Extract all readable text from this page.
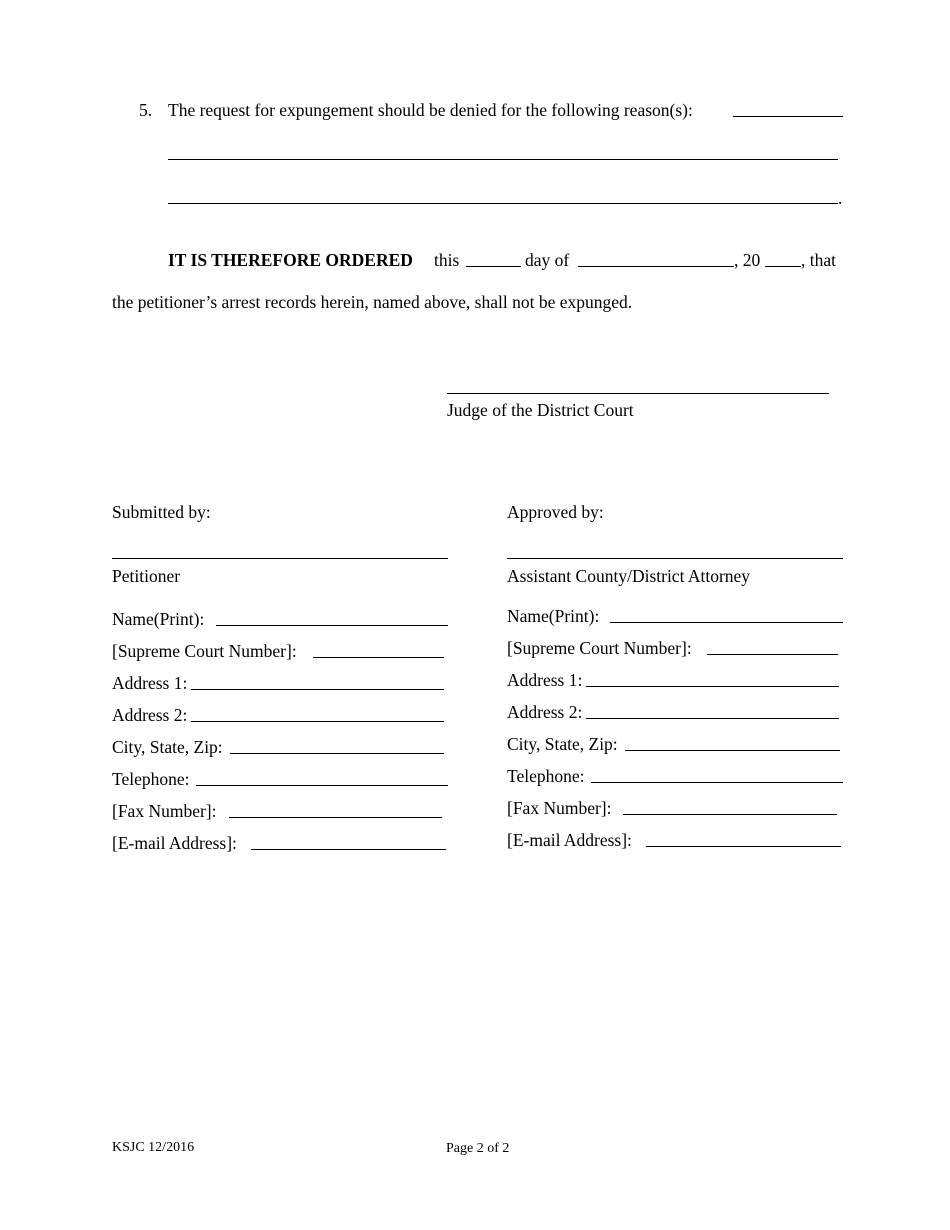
5. The request for expungement should be denied for the following reason(s):
.
IT IS THEREFORE ORDERED this	day of	, 20 , that
the petitioner’s arrest records herein, named above, shall not be expunged.
Judge of the District Court
Submitted by:
Petitioner
Name(Print):
[Supreme Court Number]:
Address 1:
Address 2:
City, State, Zip:
Telephone:
[Fax Number]:
[E-mail Address]:
Approved by:
Assistant County/District Attorney
Name(Print):
[Supreme Court Number]:
Address 1:
Address 2:
City, State, Zip:
Telephone:
[Fax Number]:
[E-mail Address]:
KSJC 12/2016	Page 2 of 2
